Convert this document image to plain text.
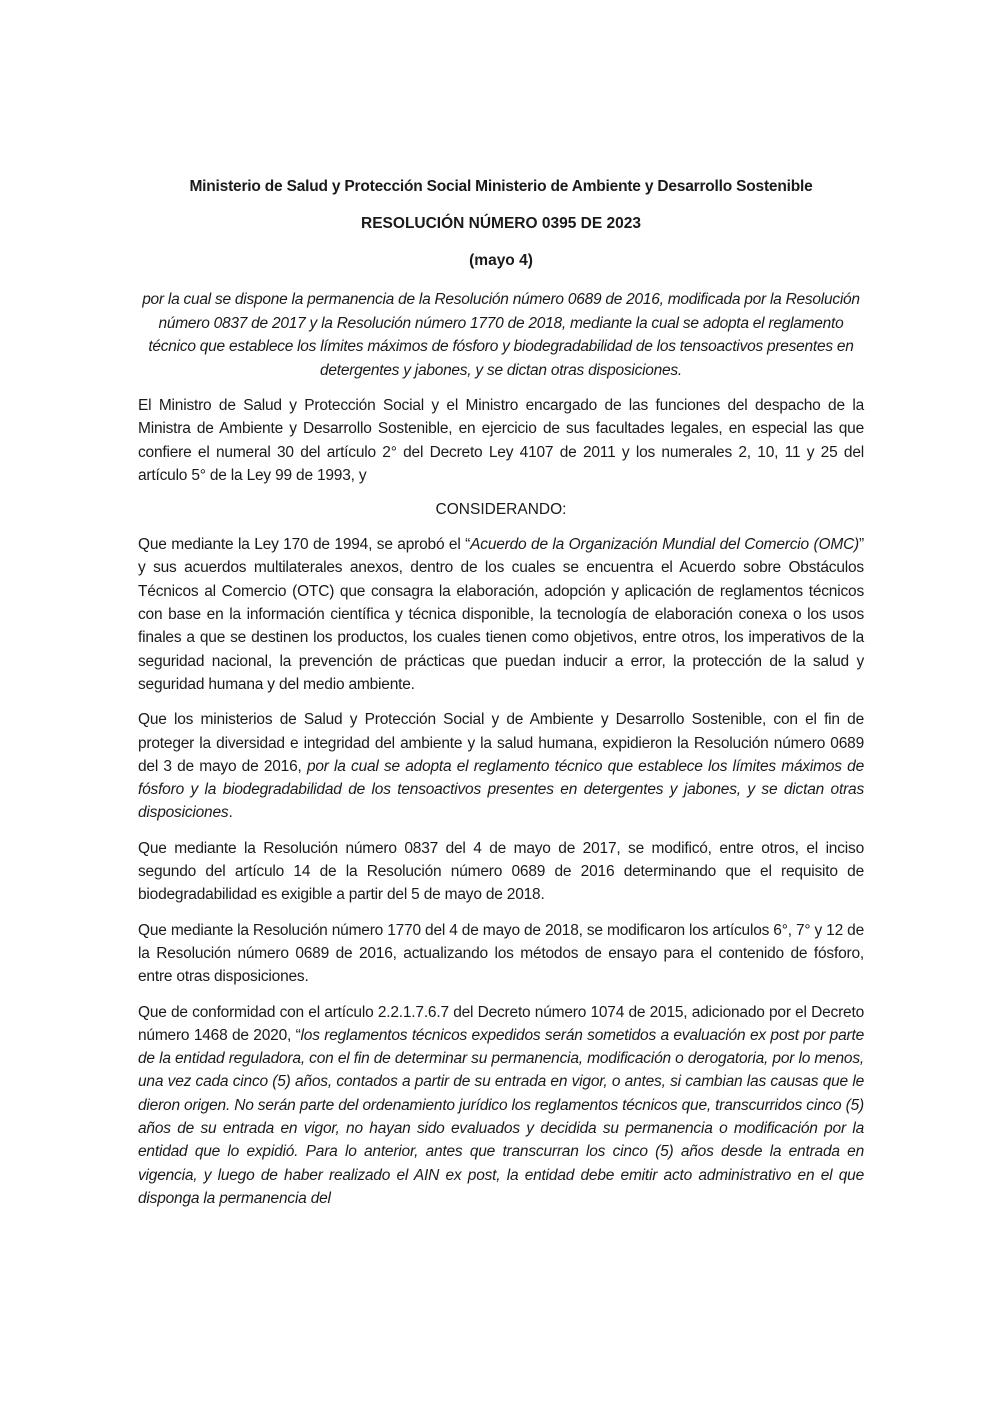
Ministerio de Salud y Protección Social Ministerio de Ambiente y Desarrollo Sostenible
RESOLUCIÓN NÚMERO 0395 DE 2023
(mayo 4)
por la cual se dispone la permanencia de la Resolución número 0689 de 2016, modificada por la Resolución número 0837 de 2017 y la Resolución número 1770 de 2018, mediante la cual se adopta el reglamento técnico que establece los límites máximos de fósforo y biodegradabilidad de los tensoactivos presentes en detergentes y jabones, y se dictan otras disposiciones.

El Ministro de Salud y Protección Social y el Ministro encargado de las funciones del despacho de la Ministra de Ambiente y Desarrollo Sostenible, en ejercicio de sus facultades legales, en especial las que confiere el numeral 30 del artículo 2° del Decreto Ley 4107 de 2011 y los numerales 2, 10, 11 y 25 del artículo 5° de la Ley 99 de 1993, y

CONSIDERANDO:

Que mediante la Ley 170 de 1994, se aprobó el “Acuerdo de la Organización Mundial del Comercio (OMC)” y sus acuerdos multilaterales anexos, dentro de los cuales se encuentra el Acuerdo sobre Obstáculos Técnicos al Comercio (OTC) que consagra la elaboración, adopción y aplicación de reglamentos técnicos con base en la información científica y técnica disponible, la tecnología de elaboración conexa o los usos finales a que se destinen los productos, los cuales tienen como objetivos, entre otros, los imperativos de la seguridad nacional, la prevención de prácticas que puedan inducir a error, la protección de la salud y seguridad humana y del medio ambiente.

Que los ministerios de Salud y Protección Social y de Ambiente y Desarrollo Sostenible, con el fin de proteger la diversidad e integridad del ambiente y la salud humana, expidieron la Resolución número 0689 del 3 de mayo de 2016, por la cual se adopta el reglamento técnico que establece los límites máximos de fósforo y la biodegradabilidad de los tensoactivos presentes en detergentes y jabones, y se dictan otras disposiciones.

Que mediante la Resolución número 0837 del 4 de mayo de 2017, se modificó, entre otros, el inciso segundo del artículo 14 de la Resolución número 0689 de 2016 determinando que el requisito de biodegradabilidad es exigible a partir del 5 de mayo de 2018.

Que mediante la Resolución número 1770 del 4 de mayo de 2018, se modificaron los artículos 6°, 7° y 12 de la Resolución número 0689 de 2016, actualizando los métodos de ensayo para el contenido de fósforo, entre otras disposiciones.

Que de conformidad con el artículo 2.2.1.7.6.7 del Decreto número 1074 de 2015, adicionado por el Decreto número 1468 de 2020, “los reglamentos técnicos expedidos serán sometidos a evaluación ex post por parte de la entidad reguladora, con el fin de determinar su permanencia, modificación o derogatoria, por lo menos, una vez cada cinco (5) años, contados a partir de su entrada en vigor, o antes, si cambian las causas que le dieron origen. No serán parte del ordenamiento jurídico los reglamentos técnicos que, transcurridos cinco (5) años de su entrada en vigor, no hayan sido evaluados y decidida su permanencia o modificación por la entidad que lo expidió. Para lo anterior, antes que transcurran los cinco (5) años desde la entrada en vigencia, y luego de haber realizado el AIN ex post, la entidad debe emitir acto administrativo en el que disponga la permanencia del
